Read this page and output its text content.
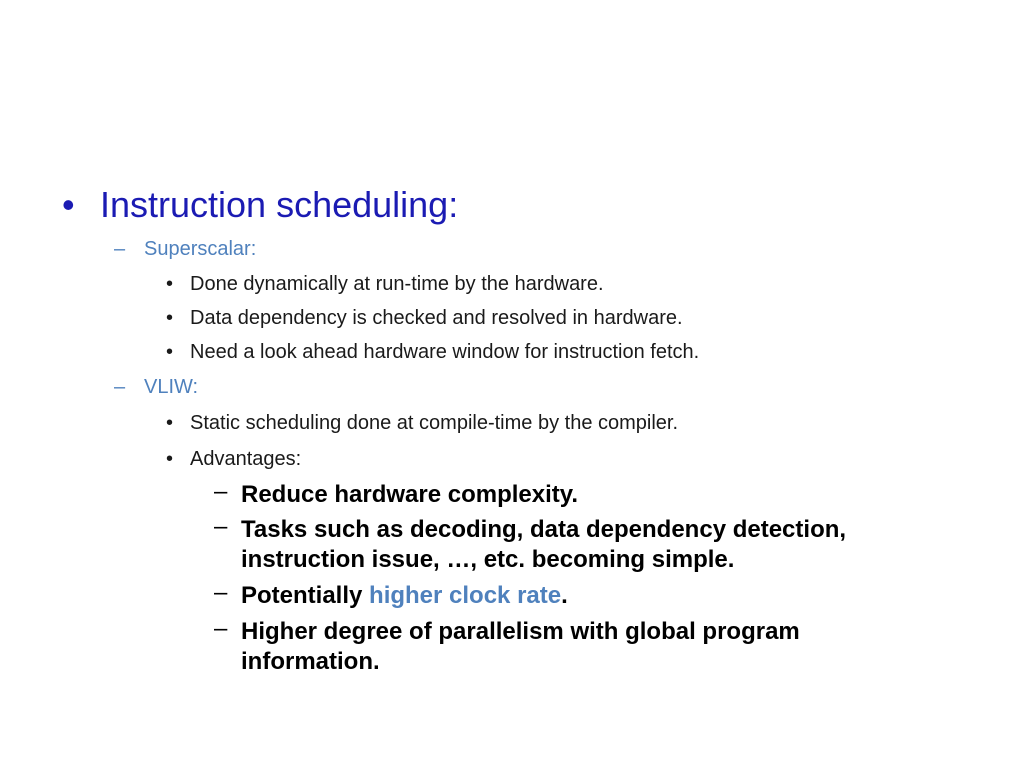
• Instruction scheduling:
– Superscalar:
• Done dynamically at run-time by the hardware.
• Data dependency is checked and resolved in hardware.
• Need a look ahead hardware window for instruction fetch.
– VLIW:
• Static scheduling done at compile-time by the compiler.
• Advantages:
– Reduce hardware complexity.
– Tasks such as decoding, data dependency detection,
instruction issue, …, etc. becoming simple.
– Potentially higher clock rate.
– Higher degree of parallelism with global program
information.
